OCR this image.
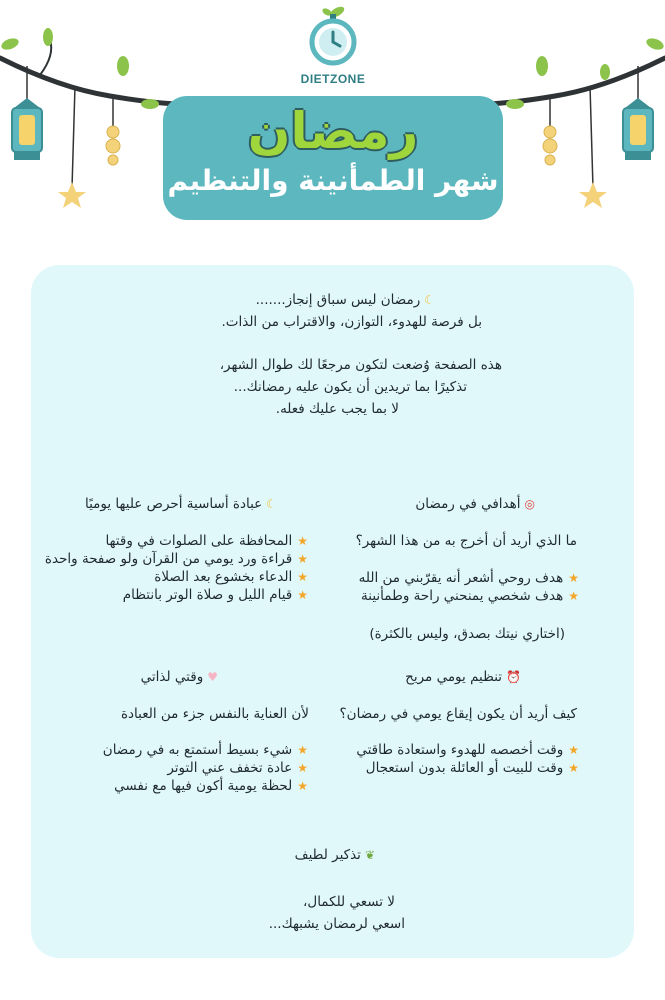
DIETZONE
رمضان
شهر الطمأنينة والتنظيم
☾رمضان ليس سباق إنجاز.......
بل فرصة للهدوء، التوازن، والاقتراب من الذات.
هذه الصفحة وُضعت لتكون مرجعًا لك طوال الشهر،
تذكيرًا بما تريدين أن يكون عليه رمضانك...
لا بما يجب عليك فعله.
◎أهدافي في رمضان
ما الذي أريد أن أخرج به من هذا الشهر؟
★هدف روحي أشعر أنه يقرّبني من الله
★هدف شخصي يمنحني راحة وطمأنينة
(اختاري نيتك بصدق، وليس بالكثرة)
☾عبادة أساسية أحرص عليها يوميًا
★المحافظة على الصلوات في وقتها
★قراءة ورد يومي من القرآن ولو صفحة واحدة
★الدعاء بخشوع بعد الصلاة
★قيام الليل و صلاة الوتر بانتظام
⏰تنظيم يومي مريح
كيف أريد أن يكون إيقاع يومي في رمضان؟
★وقت أخصصه للهدوء واستعادة طاقتي
★وقت للبيت أو العائلة بدون استعجال
♥وقتي لذاتي
لأن العناية بالنفس جزء من العبادة
★شيء بسيط أستمتع به في رمضان
★عادة تخفف عني التوتر
★لحظة يومية أكون فيها مع نفسي
❦تذكير لطيف
لا تسعي للكمال،
اسعي لرمضان يشبهك...
